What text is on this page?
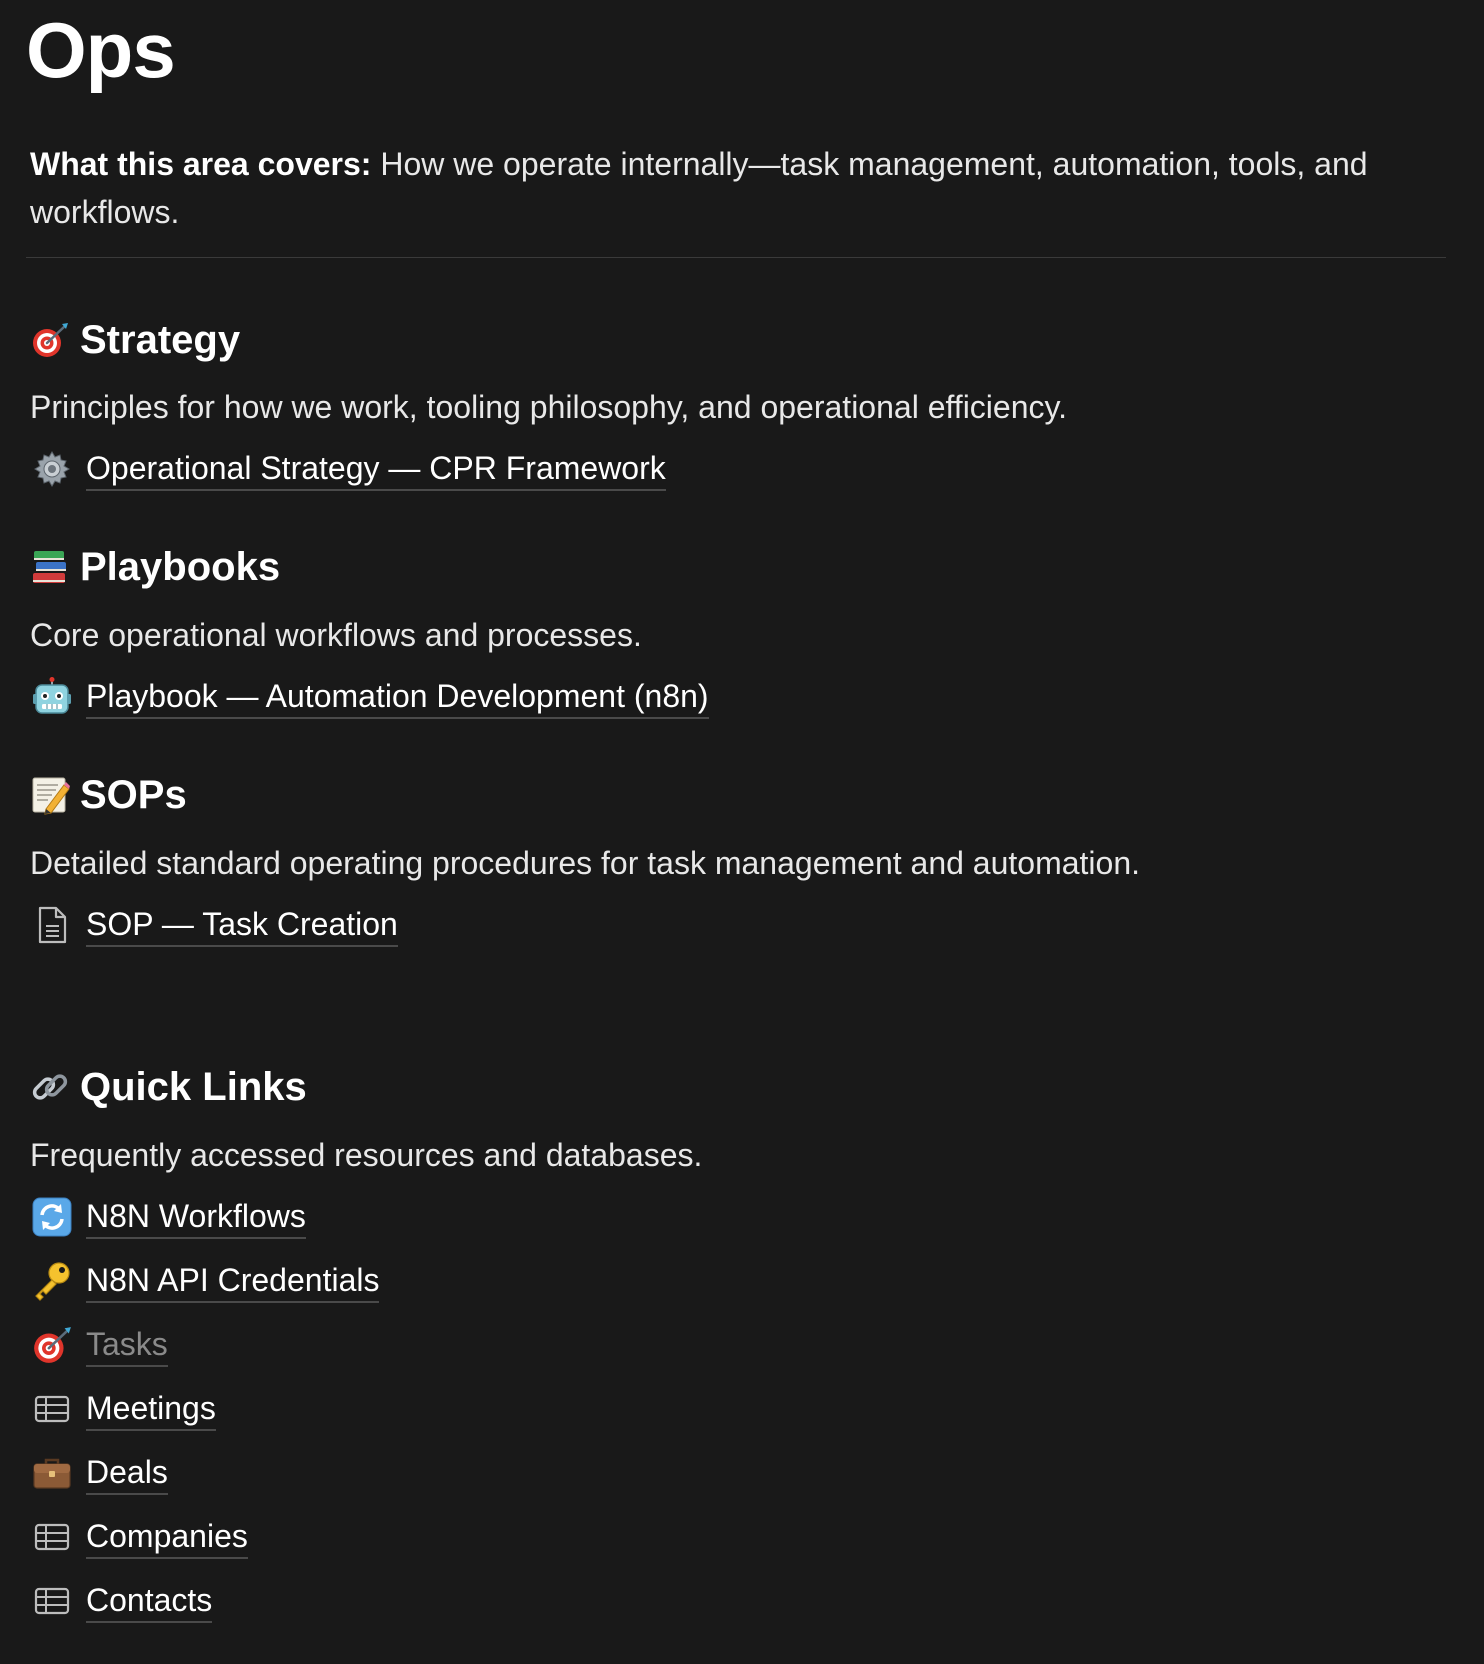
Ops

What this area covers: How we operate internally—task management, automation, tools, and workflows.

Strategy

Principles for how we work, tooling philosophy, and operational efficiency.

Operational Strategy — CPR Framework
Playbooks

Core operational workflows and processes.

Playbook — Automation Development (n8n)
SOPs

Detailed standard operating procedures for task management and automation.

SOP — Task Creation
Quick Links

Frequently accessed resources and databases.

N8N Workflows
N8N API Credentials
Tasks
Meetings
Deals
Companies
Contacts
